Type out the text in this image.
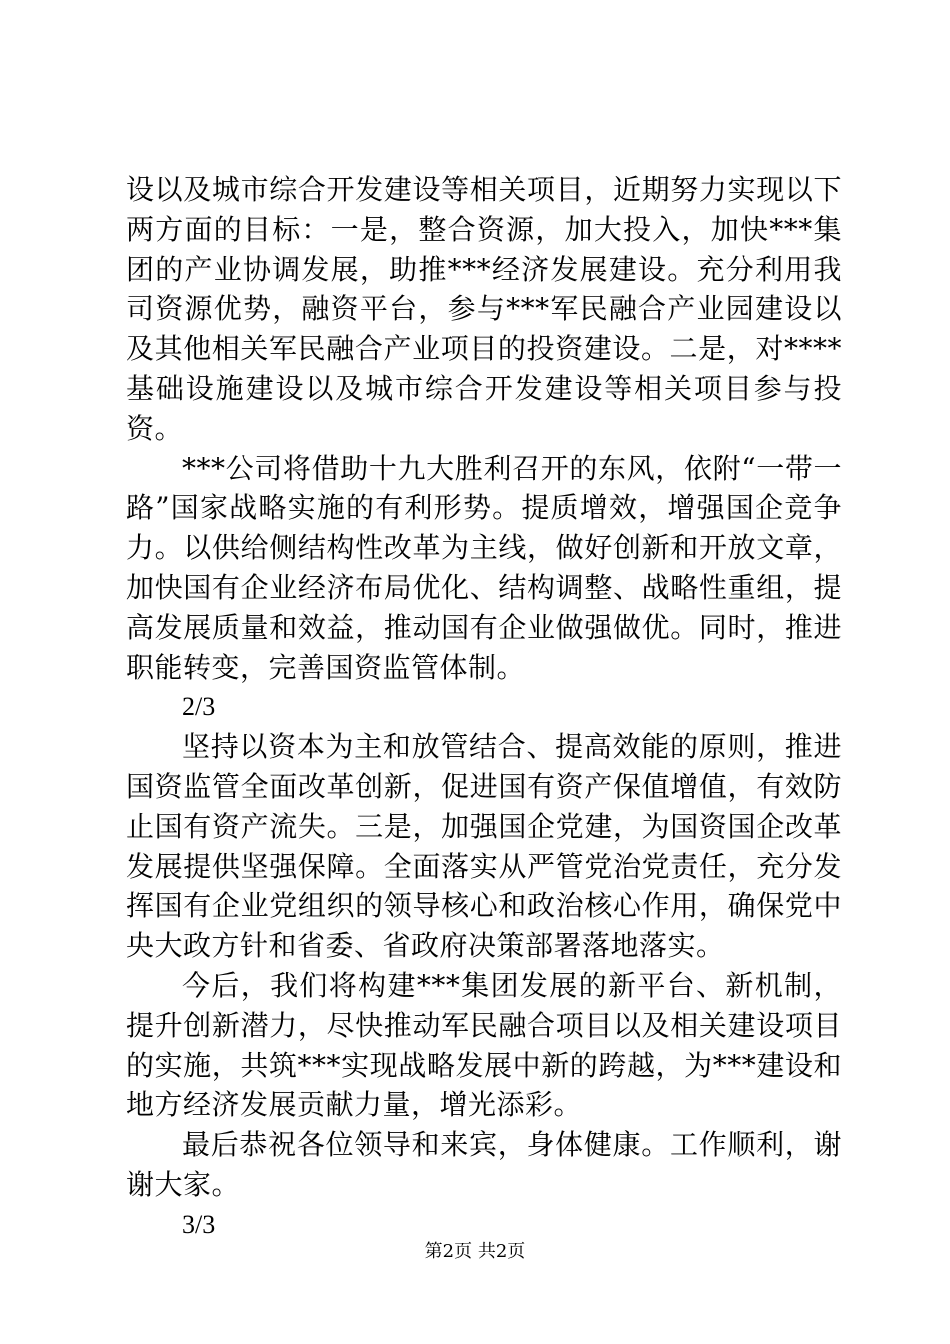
设以及城市综合开发建设等相关项目，近期努力实现以下两方面的目标：一是，整合资源，加大投入，加快***集团的产业协调发展，助推***经济发展建设。充分利用我司资源优势，融资平台，参与***军民融合产业园建设以及其他相关军民融合产业项目的投资建设。二是，对****基础设施建设以及城市综合开发建设等相关项目参与投资。

***公司将借助十九大胜利召开的东风，依附“一带一路”国家战略实施的有利形势。提质增效，增强国企竞争力。以供给侧结构性改革为主线，做好创新和开放文章，加快国有企业经济布局优化、结构调整、战略性重组，提高发展质量和效益，推动国有企业做强做优。同时，推进职能转变，完善国资监管体制。

2/3

坚持以资本为主和放管结合、提高效能的原则，推进国资监管全面改革创新，促进国有资产保值增值，有效防止国有资产流失。三是，加强国企党建，为国资国企改革发展提供坚强保障。全面落实从严管党治党责任，充分发挥国有企业党组织的领导核心和政治核心作用，确保党中央大政方针和省委、省政府决策部署落地落实。

今后，我们将构建***集团发展的新平台、新机制，提升创新潜力，尽快推动军民融合项目以及相关建设项目的实施，共筑***实现战略发展中新的跨越，为***建设和地方经济发展贡献力量，增光添彩。

最后恭祝各位领导和来宾，身体健康。工作顺利，谢谢大家。

3/3

第2页 共2页
